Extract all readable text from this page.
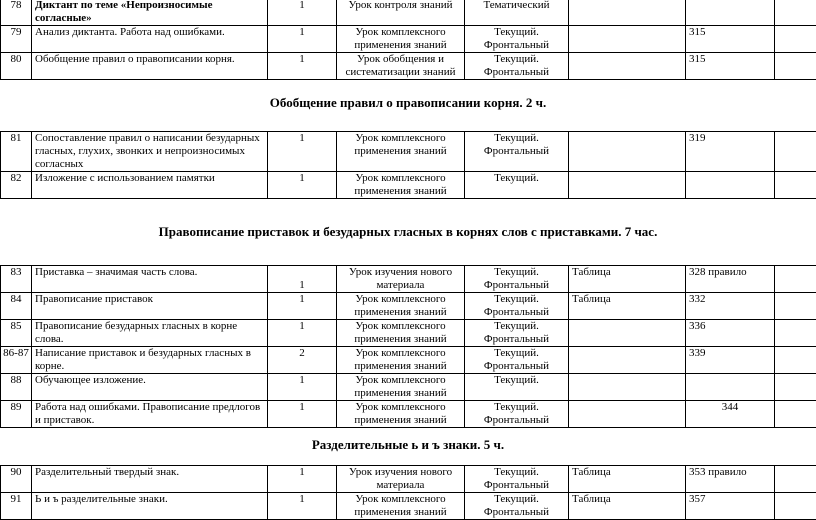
78	Диктант по теме «Непроизносимые согласные»	1	Урок контроля знаний	Тематический			
79	Анализ диктанта. Работа над ошибками.	1	Урок комплексного применения знаний	Текущий. Фронтальный		315	
80	Обобщение правил о правописании корня.	1	Урок обобщения и систематизации знаний	Текущий. Фронтальный		315	
Обобщение правил о правописании корня. 2 ч.
81	Сопоставление правил о написании безударных гласных, глухих, звонких и непроизносимых согласных	1	Урок комплексного применения знаний	Текущий. Фронтальный		319	
82	Изложение с использованием памятки	1	Урок комплексного применения знаний	Текущий.			
Правописание приставок и безударных гласных в корнях слов с приставками. 7 час.
83	Приставка – значимая часть слова.	1	Урок изучения нового материала	Текущий. Фронтальный	Таблица	328 правило	
84	Правописание приставок	1	Урок комплексного применения знаний	Текущий. Фронтальный	Таблица	332	
85	Правописание безударных гласных в корне слова.	1	Урок комплексного применения знаний	Текущий. Фронтальный		336	
86-87	Написание приставок и безударных гласных в корне.	2	Урок комплексного применения знаний	Текущий. Фронтальный		339	
88	Обучающее изложение.	1	Урок комплексного применения знаний	Текущий.			
89	Работа над ошибками. Правописание предлогов и приставок.	1	Урок комплексного применения знаний	Текущий. Фронтальный		344	
Разделительные ь и ъ знаки. 5 ч.
90	Разделительный твердый знак.	1	Урок изучения нового материала	Текущий. Фронтальный	Таблица	353 правило	
91	Ь и ъ разделительные знаки.	1	Урок комплексного применения знаний	Текущий. Фронтальный	Таблица	357	
